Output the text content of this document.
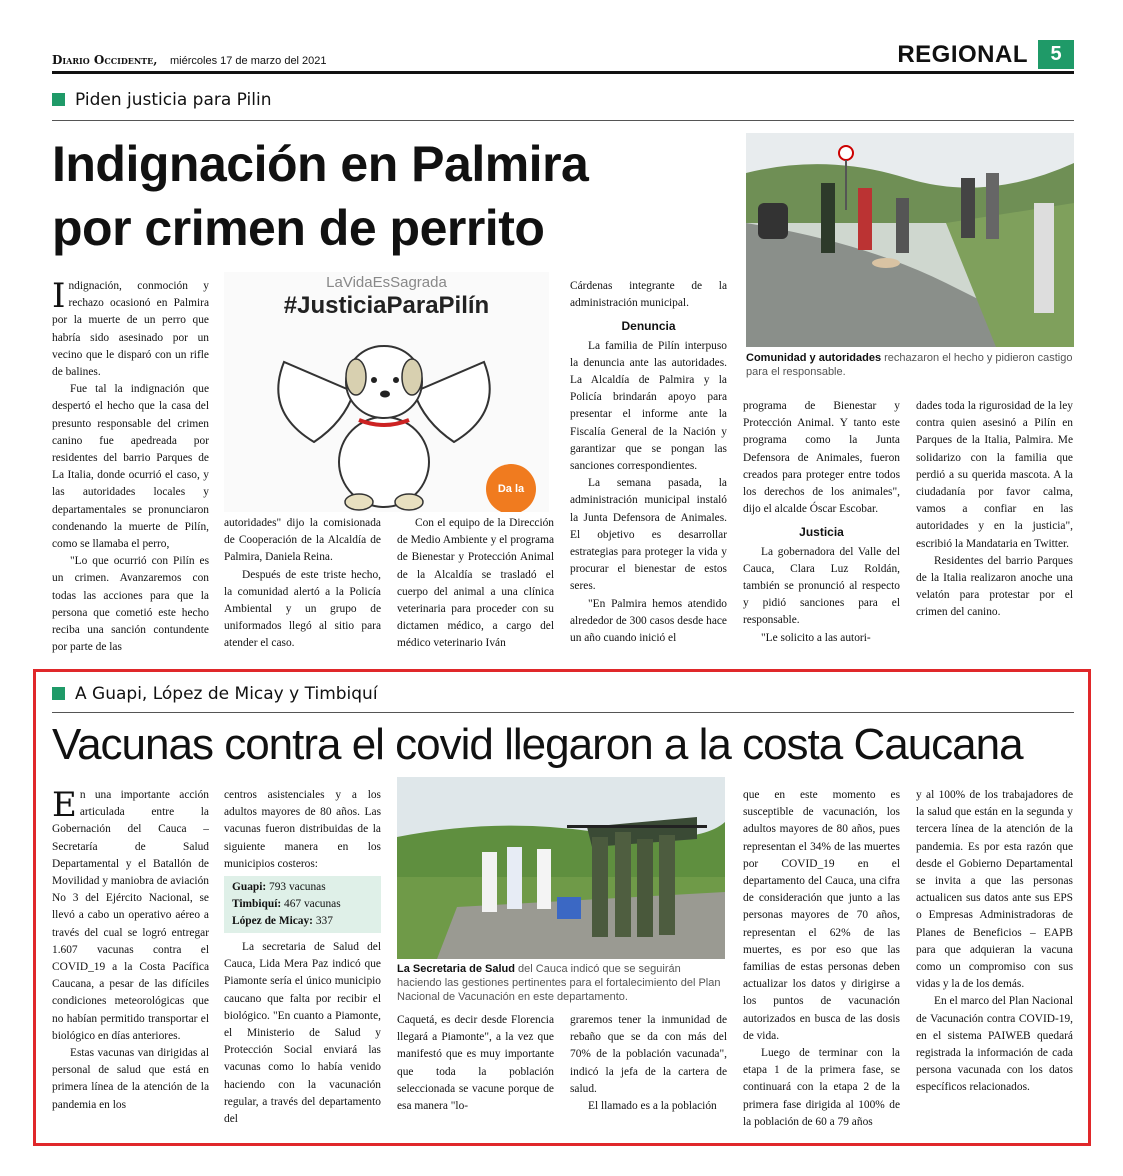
Diario Occidente, miércoles 17 de marzo del 2021	REGIONAL	5
Piden justicia para Pilin
Indignación en Palmira
por crimen de perrito
Comunidad y autoridades rechazaron el hecho y pidieron castigo para el responsable.
LaVidaEsSagrada
#JusticiaParaPilín
Da la

Indignación, conmoción y rechazo ocasionó en Palmira por la muerte de un perro que habría sido asesinado por un vecino que le disparó con un rifle de balines.

Fue tal la indignación que despertó el hecho que la casa del presunto responsable del crimen canino fue apedreada por residentes del barrio Parques de La Italia, donde ocurrió el caso, y las autoridades locales y departamentales se pronunciaron condenando la muerte de Pilín, como se llamaba el perro,

"Lo que ocurrió con Pilín es un crimen. Avanzaremos con todas las acciones para que la persona que cometió este hecho reciba una sanción contundente por parte de las

autoridades" dijo la comisionada de Cooperación de la Alcaldía de Palmira, Daniela Reina.

Después de este triste hecho, la comunidad alertó a la Policía Ambiental y un grupo de uniformados llegó al sitio para atender el caso.

Con el equipo de la Dirección de Medio Ambiente y el programa de Bienestar y Protección Animal de la Alcaldía se trasladó el cuerpo del animal a una clínica veterinaria para proceder con su dictamen médico, a cargo del médico veterinario Iván

Cárdenas integrante de la administración municipal.

Denuncia

La familia de Pilín interpuso la denuncia ante las autoridades. La Alcaldía de Palmira y la Policía brindarán apoyo para presentar el informe ante la Fiscalía General de la Nación y garantizar que se pongan las sanciones correspondientes.

La semana pasada, la administración municipal instaló la Junta Defensora de Animales. El objetivo es desarrollar estrategias para proteger la vida y procurar el bienestar de estos seres.

"En Palmira hemos atendido alrededor de 300 casos desde hace un año cuando inició el

programa de Bienestar y Protección Animal. Y tanto este programa como la Junta Defensora de Animales, fueron creados para proteger entre todos los derechos de los animales", dijo el alcalde Óscar Escobar.

Justicia

La gobernadora del Valle del Cauca, Clara Luz Roldán, también se pronunció al respecto y pidió sanciones para el responsable.

"Le solicito a las autori-

dades toda la rigurosidad de la ley contra quien asesinó a Pilín en Parques de la Italia, Palmira. Me solidarizo con la familia que perdió a su querida mascota. A la ciudadanía por favor calma, vamos a confiar en las autoridades y en la justicia", escribió la Mandataria en Twitter.

Residentes del barrio Parques de la Italia realizaron anoche una velatón para protestar por el crimen del canino.

A Guapi, López de Micay y Timbiquí
Vacunas contra el covid llegaron a la costa Caucana
La Secretaria de Salud del Cauca indicó que se seguirán haciendo las gestiones pertinentes para el fortalecimiento del Plan Nacional de Vacunación en este departamento.

En una importante acción articulada entre la Gobernación del Cauca – Secretaría de Salud Departamental y el Batallón de Movilidad y maniobra de aviación No 3 del Ejército Nacional, se llevó a cabo un operativo aéreo a través del cual se logró entregar 1.607 vacunas contra el COVID_19 a la Costa Pacífica Caucana, a pesar de las difíciles condiciones meteorológicas que no habían permitido transportar el biológico en días anteriores.

Estas vacunas van dirigidas al personal de salud que está en primera línea de la atención de la pandemia en los

centros asistenciales y a los adultos mayores de 80 años. Las vacunas fueron distribuidas de la siguiente manera en los municipios costeros:

Guapi: 793 vacunas
Timbiquí: 467 vacunas
López de Micay: 337

La secretaria de Salud del Cauca, Lida Mera Paz indicó que Piamonte sería el único municipio caucano que falta por recibir el biológico. "En cuanto a Piamonte, el Ministerio de Salud y Protección Social enviará las vacunas como lo había venido haciendo con la vacunación regular, a través del departamento del

Caquetá, es decir desde Florencia llegará a Piamonte", a la vez que manifestó que es muy importante que toda la población seleccionada se vacune porque de esa manera "lo-

graremos tener la inmunidad de rebaño que se da con más del 70% de la población vacunada", indicó la jefa de la cartera de salud.

El llamado es a la población

que en este momento es susceptible de vacunación, los adultos mayores de 80 años, pues representan el 34% de las muertes por COVID_19 en el departamento del Cauca, una cifra de consideración que junto a las personas mayores de 70 años, representan el 62% de las muertes, es por eso que las familias de estas personas deben actualizar los datos y dirigirse a los puntos de vacunación autorizados en busca de las dosis de vida.

Luego de terminar con la etapa 1 de la primera fase, se continuará con la etapa 2 de la primera fase dirigida al 100% de la población de 60 a 79 años

y al 100% de los trabajadores de la salud que están en la segunda y tercera línea de la atención de la pandemia. Es por esta razón que desde el Gobierno Departamental se invita a que las personas actualicen sus datos ante sus EPS o Empresas Administradoras de Planes de Beneficios – EAPB para que adquieran la vacuna como un compromiso con sus vidas y la de los demás.

En el marco del Plan Nacional de Vacunación contra COVID-19, en el sistema PAIWEB quedará registrada la información de cada persona vacunada con los datos específicos relacionados.
